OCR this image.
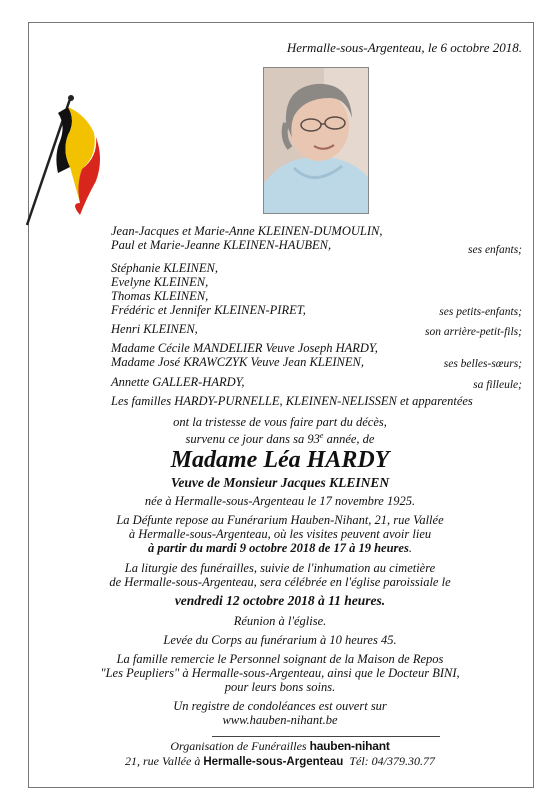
Hermalle-sous-Argenteau, le 6 octobre 2018.
Jean-Jacques et Marie-Anne KLEINEN-DUMOULIN,
Paul et Marie-Jeanne KLEINEN-HAUBEN,	ses enfants;
Stéphanie KLEINEN,
Evelyne KLEINEN,
Thomas KLEINEN,
Frédéric et Jennifer KLEINEN-PIRET,	ses petits-enfants;
Henri KLEINEN,	son arrière-petit-fils;
Madame Cécile MANDELIER Veuve Joseph HARDY,
Madame José KRAWCZYK Veuve Jean KLEINEN,	ses belles-sœurs;
Annette GALLER-HARDY,	sa filleule;
Les familles HARDY-PURNELLE, KLEINEN-NELISSEN et apparentées
ont la tristesse de vous faire part du décès,
survenu ce jour dans sa 93e année, de
Madame Léa HARDY
Veuve de Monsieur Jacques KLEINEN
née à Hermalle-sous-Argenteau le 17 novembre 1925.
La Défunte repose au Funérarium Hauben-Nihant, 21, rue Vallée
à Hermalle-sous-Argenteau, où les visites peuvent avoir lieu
à partir du mardi 9 octobre 2018 de 17 à 19 heures.
La liturgie des funérailles, suivie de l'inhumation au cimetière
de Hermalle-sous-Argenteau, sera célébrée en l'église paroissiale le
vendredi 12 octobre 2018 à 11 heures.
Réunion à l'église.
Levée du Corps au funérarium à 10 heures 45.
La famille remercie le Personnel soignant de la Maison de Repos
"Les Peupliers" à Hermalle-sous-Argenteau, ainsi que le Docteur BINI,
pour leurs bons soins.
Un registre de condoléances est ouvert sur
www.hauben-nihant.be
Organisation de Funérailles hauben-nihant
21, rue Vallée à Hermalle-sous-Argenteau  Tél: 04/379.30.77
